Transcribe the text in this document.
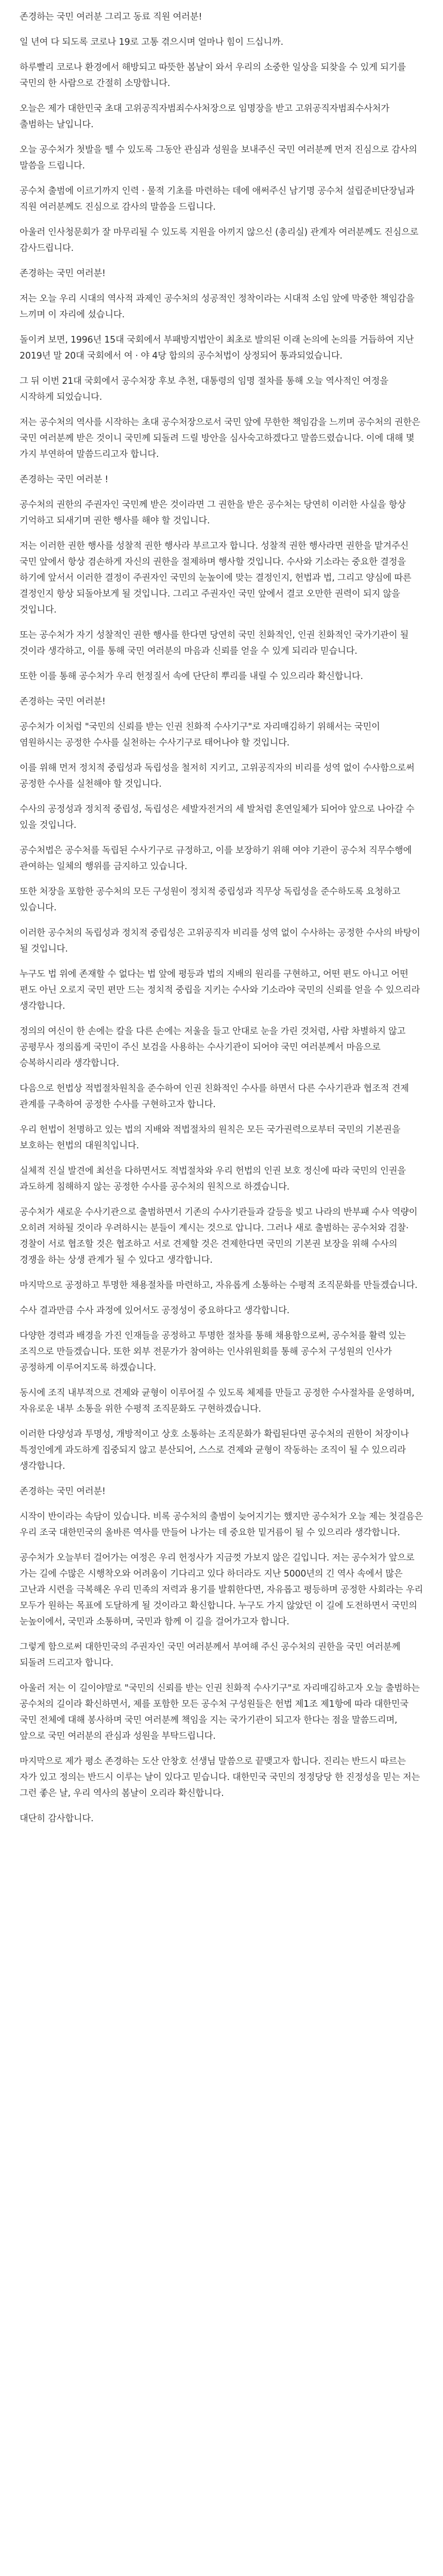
존경하는 국민 여러분 그리고 동료 직원 여러분!

일 년여 다 되도록 코로나 19로 고통 겪으시며 얼마나 힘이 드십니까.

하루빨리 코로나 환경에서 해방되고 따뜻한 봄날이 와서 우리의 소중한 일상을 되찾을 수 있게 되기를 국민의 한 사람으로 간절히 소망합니다.

오늘은 제가 대한민국 초대 고위공직자범죄수사처장으로 임명장을 받고 고위공직자범죄수사처가 출범하는 날입니다.

오늘 공수처가 첫발을 뗄 수 있도록 그동안 관심과 성원을 보내주신 국민 여러분께 먼저 진심으로 감사의 말씀을 드립니다.

공수처 출범에 이르기까지 인력 · 물적 기초를 마련하는 데에 애써주신 남기명 공수처 설립준비단장님과 직원 여러분께도 진심으로 감사의 말씀을 드립니다.

아울러 인사청문회가 잘 마무리될 수 있도록 지원을 아끼지 않으신 (총리실) 관계자 여러분께도 진심으로 감사드립니다.

존경하는 국민 여러분!

저는 오늘 우리 시대의 역사적 과제인 공수처의 성공적인 정착이라는 시대적 소임 앞에 막중한 책임감을 느끼며 이 자리에 섰습니다.

돌이켜 보면, 1996년 15대 국회에서 부패방지법안이 최초로 발의된 이래 논의에 논의를 거듭하여 지난 2019년 말 20대 국회에서 여 · 야 4당 합의의 공수처법이 상정되어 통과되었습니다.

그 뒤 이번 21대 국회에서 공수처장 후보 추천, 대통령의 임명 절차를 통해 오늘 역사적인 여정을 시작하게 되었습니다.

저는 공수처의 역사를 시작하는 초대 공수처장으로서 국민 앞에 무한한 책임감을 느끼며 공수처의 권한은 국민 여러분께 받은 것이니 국민께 되돌려 드릴 방안을 심사숙고하겠다고 말씀드렸습니다. 이에 대해 몇 가지 부연하여 말씀드리고자 합니다.

존경하는 국민 여러분 !

공수처의 권한의 주권자인 국민께 받은 것이라면 그 권한을 받은 공수처는 당연히 이러한 사실을 항상 기억하고 되새기며 권한 행사를 해야 할 것입니다.

저는 이러한 권한 행사를 성찰적 권한 행사라 부르고자 합니다. 성찰적 권한 행사라면 권한을 맡겨주신 국민 앞에서 항상 겸손하게 자신의 권한을 절제하며 행사할 것입니다. 수사와 기소라는 중요한 결정을 하기에 앞서서 이러한 결정이 주권자인 국민의 눈높이에 맞는 결정인지, 헌법과 법, 그리고 양심에 따른 결정인지 항상 되돌아보게 될 것입니다. 그리고 주권자인 국민 앞에서 결코 오만한 권력이 되지 않을 것입니다.

또는 공수처가 자기 성찰적인 권한 행사를 한다면 당연히 국민 친화적인, 인권 친화적인 국가기관이 될 것이라 생각하고, 이를 통해 국민 여러분의 마음과 신뢰를 얻을 수 있게 되리라 믿습니다.

또한 이를 통해 공수처가 우리 헌정질서 속에 단단히 뿌리를 내릴 수 있으리라 확신합니다.

존경하는 국민 여러분!

공수처가 이처럼 "국민의 신뢰를 받는 인권 친화적 수사기구"로 자리매김하기 위해서는 국민이 염원하시는 공정한 수사를 실천하는 수사기구로 태어나야 할 것입니다.

이를 위해 먼저 정치적 중립성과 독립성을 철저히 지키고, 고위공직자의 비리를 성역 없이 수사함으로써 공정한 수사를 실천해야 할 것입니다.

수사의 공정성과 정치적 중립성, 독립성은 세발자전거의 세 발처럼 혼연일체가 되어야 앞으로 나아갈 수 있을 것입니다.

공수처법은 공수처를 독립된 수사기구로 규정하고, 이를 보장하기 위해 여야 기관이 공수처 직무수행에 관여하는 일체의 행위를 금지하고 있습니다.

또한 처장을 포함한 공수처의 모든 구성원이 정치적 중립성과 직무상 독립성을 준수하도록 요청하고 있습니다.

이러한 공수처의 독립성과 정치적 중립성은 고위공직자 비리를 성역 없이 수사하는 공정한 수사의 바탕이 될 것입니다.

누구도 법 위에 존재할 수 없다는 법 앞에 평등과 법의 지배의 원리를 구현하고, 어떤 편도 아니고 어떤 편도 아닌 오로지 국민 편만 드는 정치적 중립을 지키는 수사와 기소라야 국민의 신뢰를 얻을 수 있으리라 생각합니다.

정의의 여신이 한 손에는 칼을 다른 손에는 저울을 들고 안대로 눈을 가린 것처럼, 사람 차별하지 않고 공평무사 정의롭게 국민이 주신 보검을 사용하는 수사기관이 되어야 국민 여러분께서 마음으로 승복하시리라 생각합니다.

다음으로 헌법상 적법절차원칙을 준수하여 인권 친화적인 수사를 하면서 다른 수사기관과 협조적 견제 관계를 구축하여 공정한 수사를 구현하고자 합니다.

우리 헌법이 천명하고 있는 법의 지배와 적법절차의 원칙은 모든 국가권력으로부터 국민의 기본권을 보호하는 헌법의 대원칙입니다.

실체적 진실 발견에 최선을 다하면서도 적법절차와 우리 헌법의 인권 보호 정신에 따라 국민의 인권을 과도하게 침해하지 않는 공정한 수사를 공수처의 원칙으로 하겠습니다.

공수처가 새로운 수사기관으로 출범하면서 기존의 수사기관들과 갈등을 빚고 나라의 반부패 수사 역량이 오히려 저하될 것이라 우려하시는 분들이 계시는 것으로 압니다. 그러나 새로 출범하는 공수처와 검찰·경찰이 서로 협조할 것은 협조하고 서로 견제할 것은 견제한다면 국민의 기본권 보장을 위해 수사의 경쟁을 하는 상생 관계가 될 수 있다고 생각합니다.

마지막으로 공정하고 투명한 채용절차를 마련하고, 자유롭게 소통하는 수평적 조직문화를 만들겠습니다.

수사 결과만큼 수사 과정에 있어서도 공정성이 중요하다고 생각합니다.

다양한 경력과 배경을 가진 인재들을 공정하고 투명한 절차를 통해 채용함으로써, 공수처를 활력 있는 조직으로 만들겠습니다. 또한 외부 전문가가 참여하는 인사위원회를 통해 공수처 구성원의 인사가 공정하게 이루어지도록 하겠습니다.

동시에 조직 내부적으로 견제와 균형이 이루어질 수 있도록 체제를 만들고 공정한 수사절차를 운영하며, 자유로운 내부 소통을 위한 수평적 조직문화도 구현하겠습니다.

이러한 다양성과 투명성, 개방적이고 상호 소통하는 조직문화가 확립된다면 공수처의 권한이 처장이나 특정인에게 과도하게 집중되지 않고 분산되어, 스스로 견제와 균형이 작동하는 조직이 될 수 있으리라 생각합니다.

존경하는 국민 여러분!

시작이 반이라는 속담이 있습니다. 비록 공수처의 출범이 늦어지기는 했지만 공수처가 오늘 제는 첫걸음은 우리 조국 대한민국의 올바른 역사를 만들어 나가는 데 중요한 밑거름이 될 수 있으리라 생각합니다.

공수처가 오늘부터 걸어가는 여정은 우리 헌정사가 지금껏 가보지 않은 길입니다. 저는 공수처가 앞으로 가는 길에 수많은 시행착오와 어려움이 기다리고 있다 하더라도 지난 5000년의 긴 역사 속에서 많은 고난과 시련을 극복해온 우리 민족의 저력과 용기를 발휘한다면, 자유롭고 평등하며 공정한 사회라는 우리 모두가 원하는 목표에 도달하게 될 것이라고 확신합니다. 누구도 가지 않았던 이 길에 도전하면서 국민의 눈높이에서, 국민과 소통하며, 국민과 함께 이 길을 걸어가고자 합니다.

그렇게 함으로써 대한민국의 주권자인 국민 여러분께서 부여해 주신 공수처의 권한을 국민 여러분께 되돌려 드리고자 합니다.

아울러 저는 이 길이야말로 "국민의 신뢰를 받는 인권 친화적 수사기구"로 자리매김하고자 오늘 출범하는 공수처의 길이라 확신하면서, 제를 포함한 모든 공수처 구성원들은 헌법 제1조 제1항에 따라 대한민국 국민 전체에 대해 봉사하며 국민 여러분께 책임을 지는 국가기관이 되고자 한다는 점을 말씀드리며, 앞으로 국민 여러분의 관심과 성원을 부탁드립니다.

마지막으로 제가 평소 존경하는 도산 안창호 선생님 말씀으로 끝맺고자 합니다. 진리는 반드시 따르는 자가 있고 정의는 반드시 이루는 날이 있다고 믿습니다. 대한민국 국민의 정정당당 한 진정성을 믿는 저는 그런 좋은 날, 우리 역사의 봄날이 오리라 확신합니다.

대단히 감사합니다.
